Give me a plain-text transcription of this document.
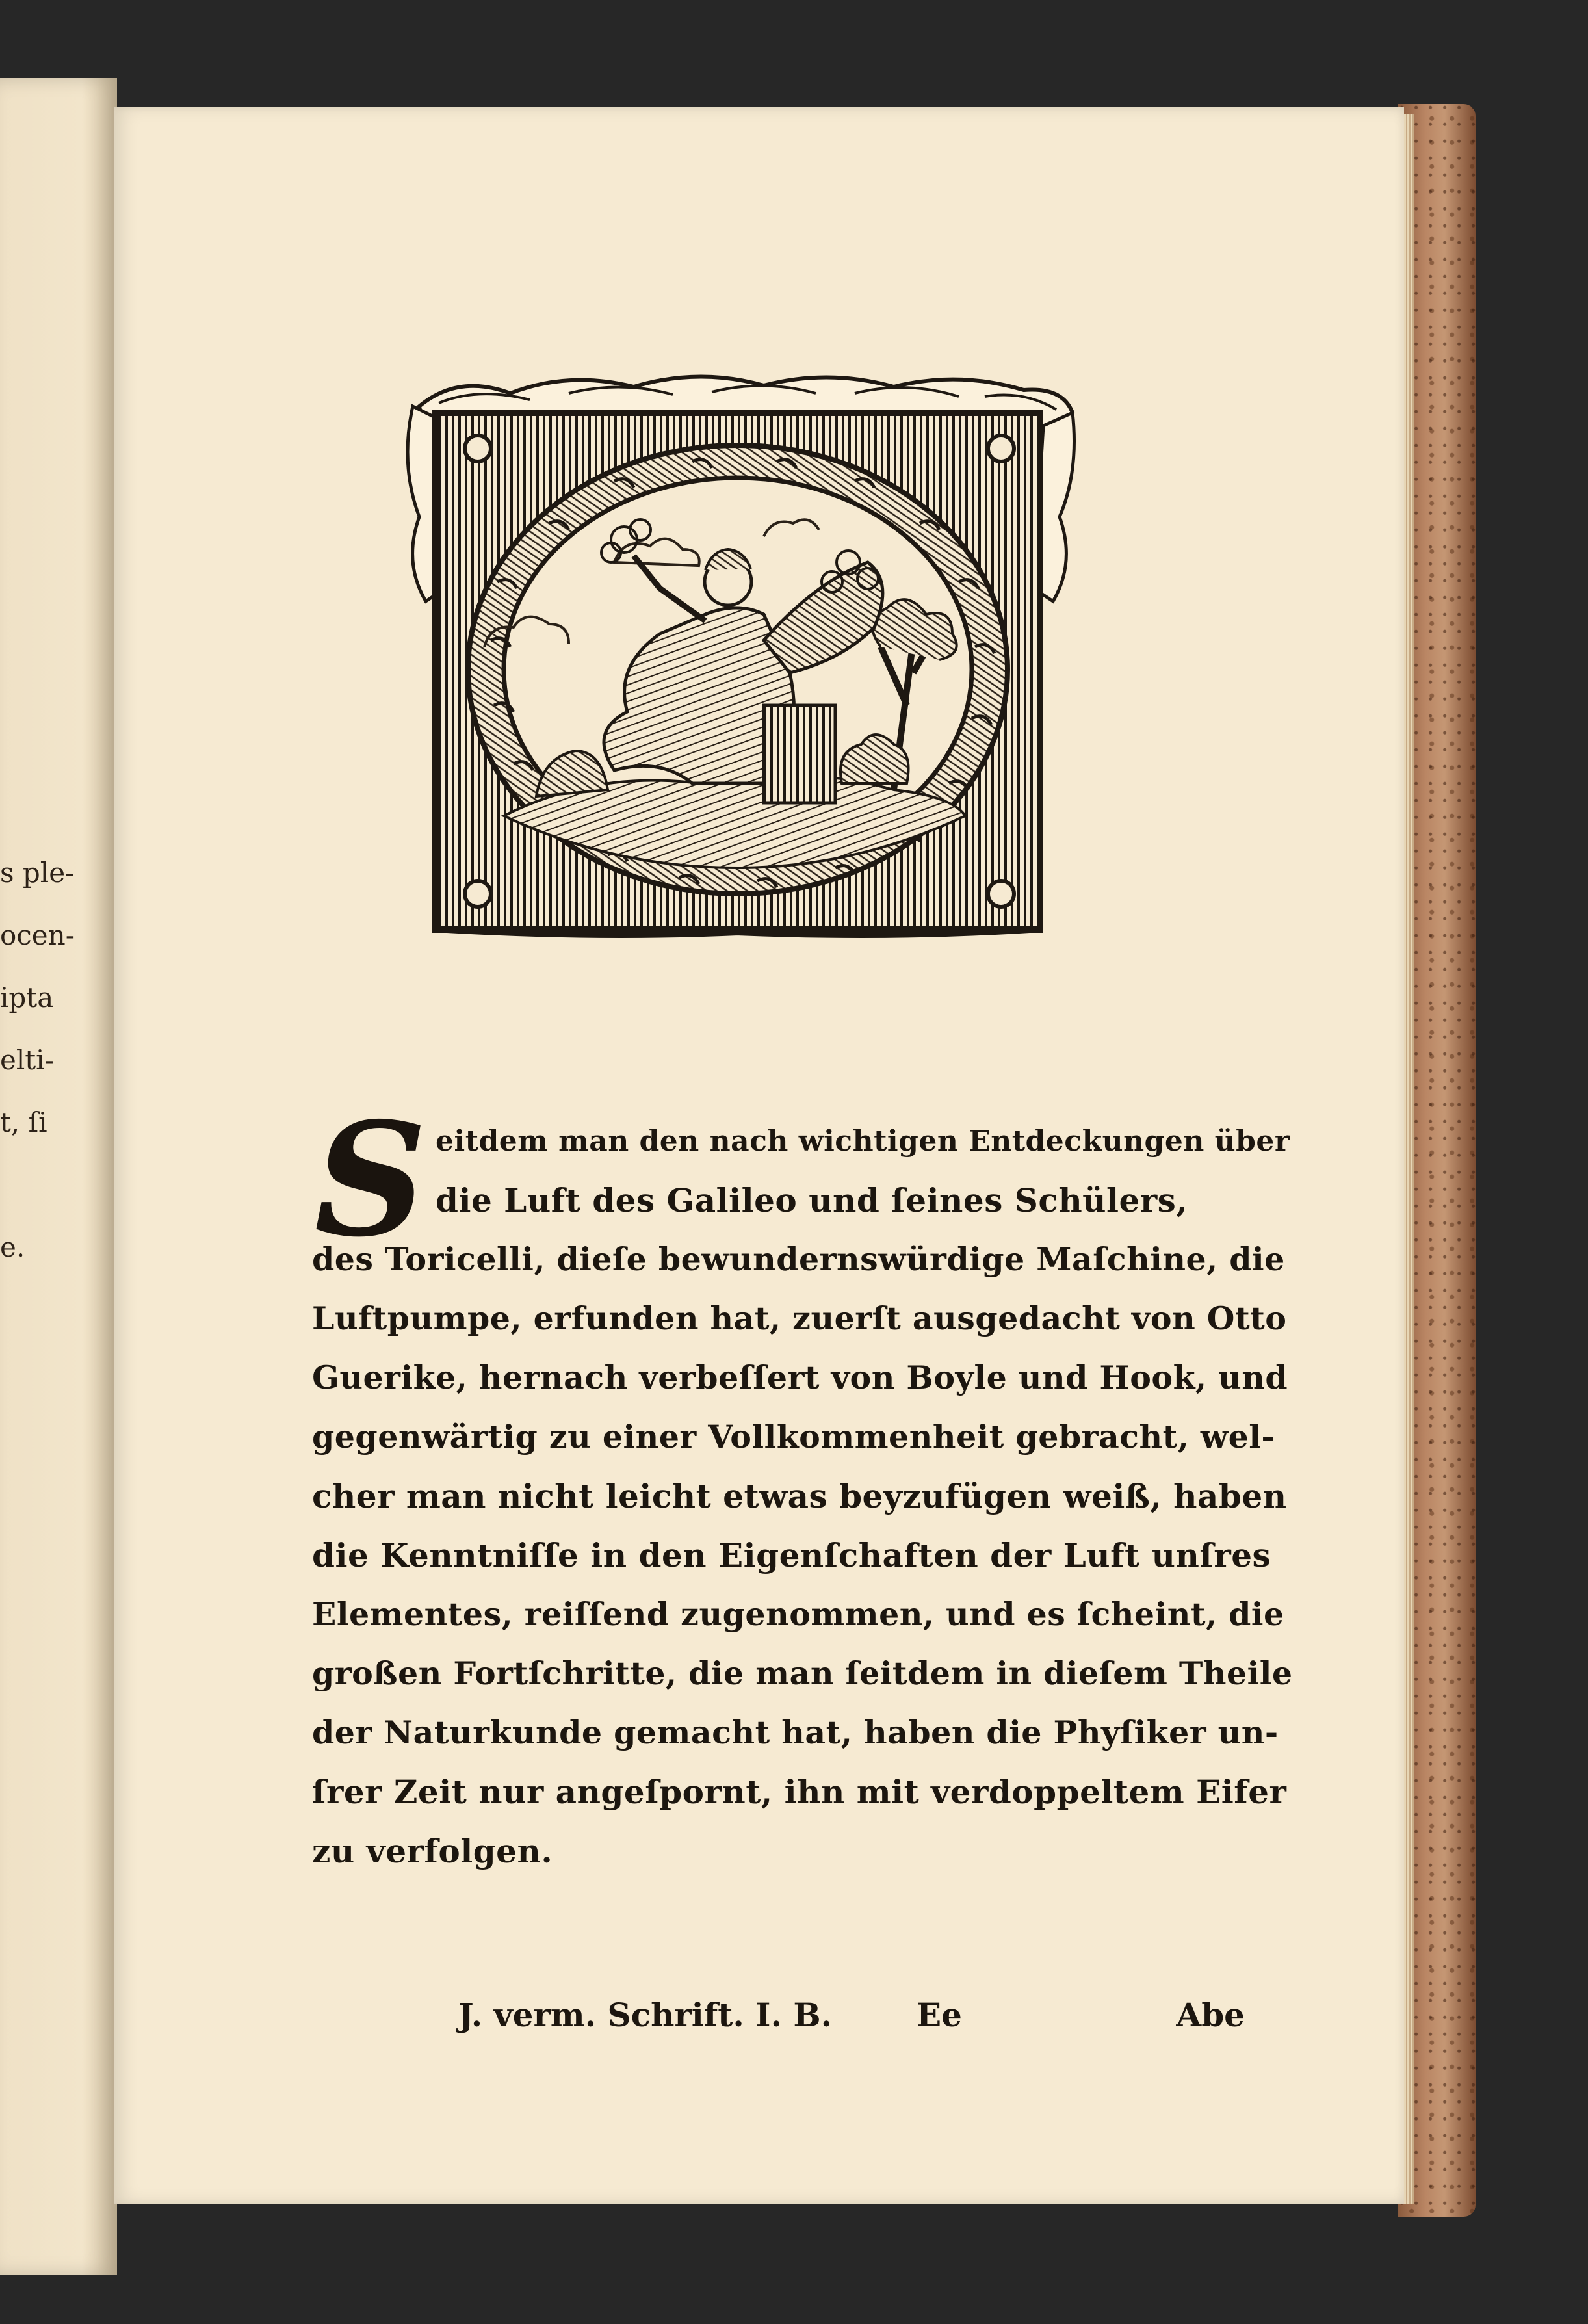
s ple-
ocen-
ipta
elti-
t, ſi
e.	S eitdem man den nach wichtigen Entdeckungen über
die Luft des Galileo und ſeines Schülers,
des Toricelli, dieſe bewundernswürdige Maſchine, die
Luftpumpe, erfunden hat, zuerſt ausgedacht von Otto
Guerike, hernach verbeſſert von Boyle und Hook, und
gegenwärtig zu einer Vollkommenheit gebracht, wel-
cher man nicht leicht etwas beyzufügen weiß, haben
die Kenntniſſe in den Eigenſchaften der Luft unſres
Elementes, reiſſend zugenommen, und es ſcheint, die
großen Fortſchritte, die man ſeitdem in dieſem Theile
der Naturkunde gemacht hat, haben die Phyſiker un-
ſrer Zeit nur angeſpornt, ihn mit verdoppeltem Eifer
zu verfolgen.
J. verm. Schrift. I. B.	Ee	Abe
